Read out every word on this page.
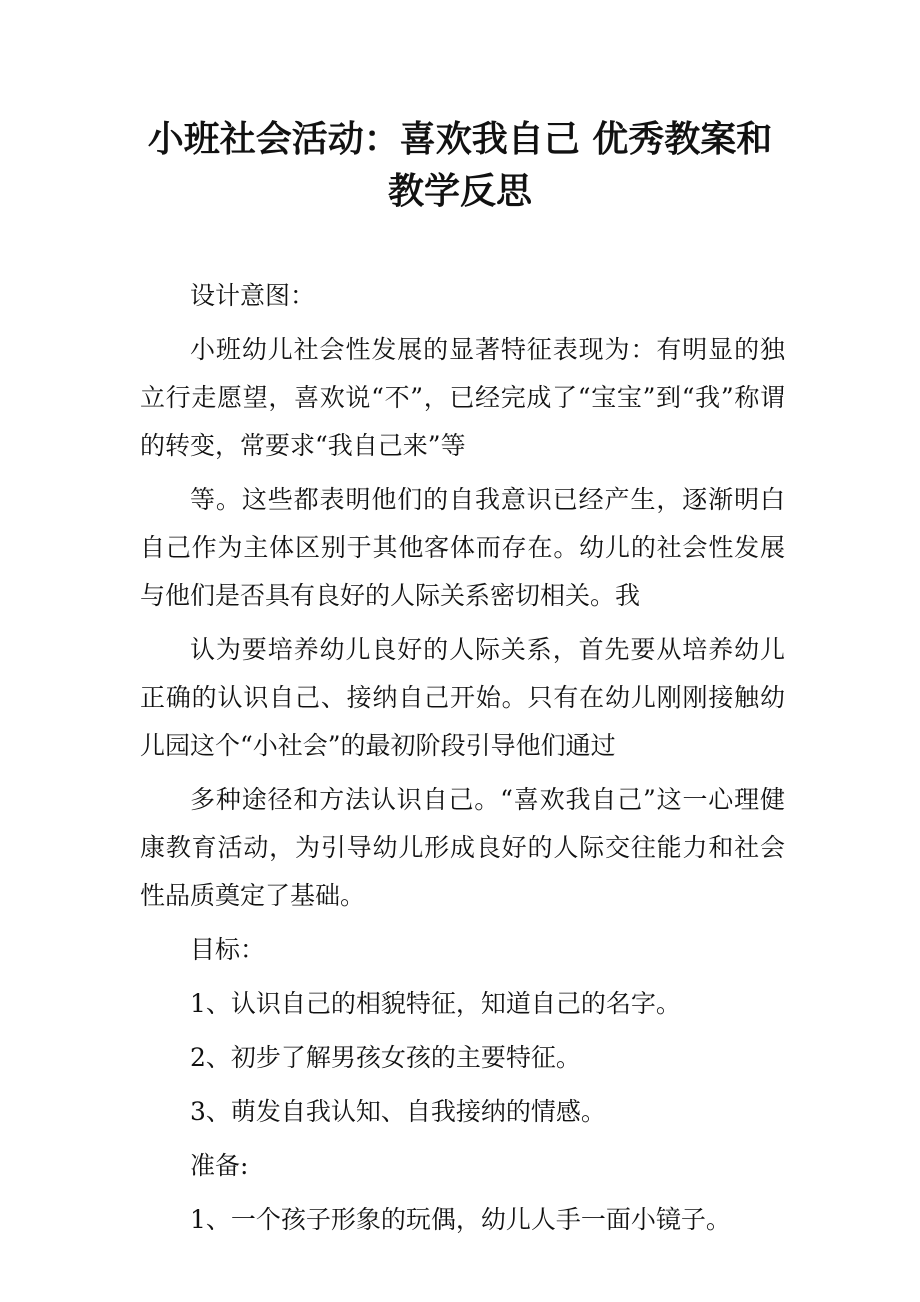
小班社会活动：喜欢我自己 优秀教案和教学反思

设计意图：

小班幼儿社会性发展的显著特征表现为：有明显的独立行走愿望，喜欢说“不”，已经完成了“宝宝”到“我”称谓的转变，常要求“我自己来”等

等。这些都表明他们的自我意识已经产生，逐渐明白自己作为主体区别于其他客体而存在。幼儿的社会性发展与他们是否具有良好的人际关系密切相关。我

认为要培养幼儿良好的人际关系，首先要从培养幼儿正确的认识自己、接纳自己开始。只有在幼儿刚刚接触幼儿园这个“小社会”的最初阶段引导他们通过

多种途径和方法认识自己。“喜欢我自己”这一心理健康教育活动，为引导幼儿形成良好的人际交往能力和社会性品质奠定了基础。

目标：

1、认识自己的相貌特征，知道自己的名字。

2、初步了解男孩女孩的主要特征。

3、萌发自我认知、自我接纳的情感。

准备:

1、一个孩子形象的玩偶，幼儿人手一面小镜子。
